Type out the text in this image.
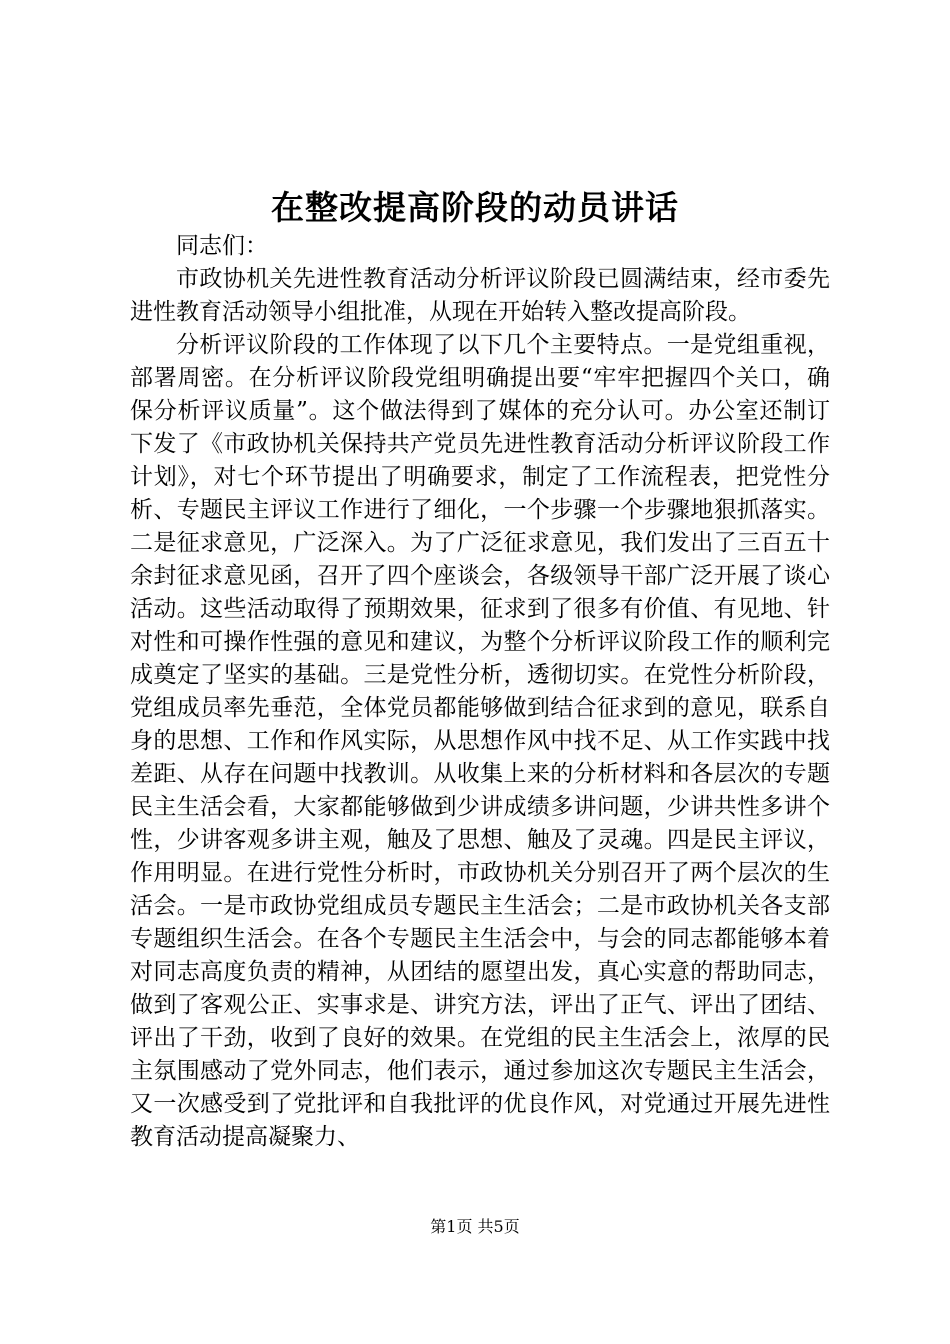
在整改提高阶段的动员讲话

同志们：

市政协机关先进性教育活动分析评议阶段已圆满结束，经市委先进性教育活动领导小组批准，从现在开始转入整改提高阶段。

分析评议阶段的工作体现了以下几个主要特点。一是党组重视，部署周密。在分析评议阶段党组明确提出要“牢牢把握四个关口，确保分析评议质量”。这个做法得到了媒体的充分认可。办公室还制订下发了《市政协机关保持共产党员先进性教育活动分析评议阶段工作计划》，对七个环节提出了明确要求，制定了工作流程表，把党性分析、专题民主评议工作进行了细化，一个步骤一个步骤地狠抓落实。二是征求意见，广泛深入。为了广泛征求意见，我们发出了三百五十余封征求意见函，召开了四个座谈会，各级领导干部广泛开展了谈心活动。这些活动取得了预期效果，征求到了很多有价值、有见地、针对性和可操作性强的意见和建议，为整个分析评议阶段工作的顺利完成奠定了坚实的基础。三是党性分析，透彻切实。在党性分析阶段，党组成员率先垂范，全体党员都能够做到结合征求到的意见，联系自身的思想、工作和作风实际，从思想作风中找不足、从工作实践中找差距、从存在问题中找教训。从收集上来的分析材料和各层次的专题民主生活会看，大家都能够做到少讲成绩多讲问题，少讲共性多讲个性，少讲客观多讲主观，触及了思想、触及了灵魂。四是民主评议，作用明显。在进行党性分析时，市政协机关分别召开了两个层次的生活会。一是市政协党组成员专题民主生活会；二是市政协机关各支部专题组织生活会。在各个专题民主生活会中，与会的同志都能够本着对同志高度负责的精神，从团结的愿望出发，真心实意的帮助同志，做到了客观公正、实事求是、讲究方法，评出了正气、评出了团结、评出了干劲，收到了良好的效果。在党组的民主生活会上，浓厚的民主氛围感动了党外同志，他们表示，通过参加这次专题民主生活会，又一次感受到了党批评和自我批评的优良作风，对党通过开展先进性教育活动提高凝聚力、

第1页 共5页
